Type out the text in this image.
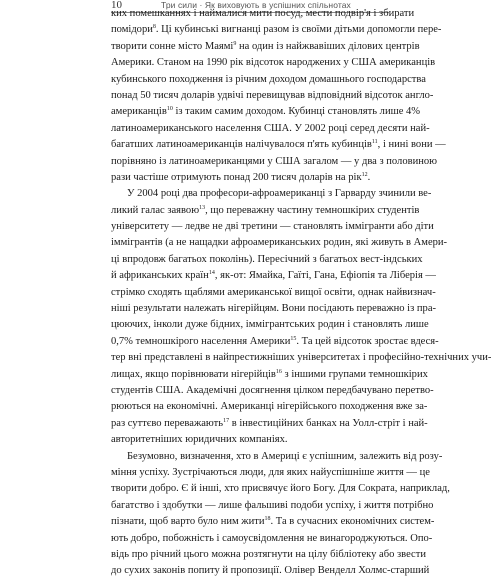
10	Три сили · Як виховують в успішних спільнотах
ких помешканнях і наймалися мити посуд, мести подвір'я і збирати
помідори$^8$. Ці кубинські вигнанці разом із своїми дітьми допомогли пере-
творити сонне місто Маямі$^9$ на один із найжвавіших ділових центрів
Америки. Станом на 1990 рік відсоток народжених у США американців
кубинського походження із річним доходом домашнього господарства
понад 50 тисяч доларів удвічі перевищував відповідний відсоток англо-
американців$^{10}$ із таким самим доходом. Кубинці становлять лише 4%
латиноамериканського населення США. У 2002 році серед десяти най-
багатших латиноамериканців налічувалося п'ять кубинців$^{11}$, і нині вони —
порівняно із латиноамериканцями у США загалом — у два з половиною
рази частіше отримують понад 200 тисяч доларів на рік$^{12}$.
У 2004 році два професори-афроамериканці з Гарварду зчинили ве-
ликий галас заявою$^{13}$, що переважну частину темношкірих студентів
університету — ледве не дві третини — становлять іммігранти або діти
іммігрантів (а не нащадки афроамериканських родин, які живуть в Амери-
ці впродовж багатьох поколінь). Пересічний з багатьох вест-індських
й африканських країн$^{14}$, як-от: Ямайка, Гаїті, Гана, Ефіопія та Ліберія —
стрімко сходять щаблями американської вищої освіти, однак найвизнач-
ніші результати належать нігерійцям. Вони посідають переважно із пра-
цюючих, інколи дуже бідних, іммігрантських родин і становлять лише
0,7% темношкірого населення Америки$^{15}$. Та цей відсоток зростає вдеся-
тер вні представлені в найпрестижніших університетах і професійно-технічних учи-
лищах, якщо порівнювати нігерійців$^{16}$ з іншими групами темношкірих
студентів США. Академічні досягнення цілком передбачувано перетво-
рюються на економічні. Американці нігерійського походження вже за-
раз суттєво переважають$^{17}$ в інвестиційних банках на Уолл-стріт і най-
авторитетніших юридичних компаніях.
Безумовно, визначення, хто в Америці є успішним, залежить від розу-
міння успіху. Зустрічаються люди, для яких найуспішніше життя — це
творити добро. Є й інші, хто присвячує його Богу. Для Сократа, наприклад,
багатство і здобутки — лише фальшиві подоби успіху, і життя потрібно
пізнати, щоб варто було ним жити$^{18}$. Та в сучасних економічних систем-
ють добро, побожність і самоусвідомлення не винагороджуються. Опо-
відь про річний цього можна розтягнути на цілу бібліотеку або звести
до сухих законів попиту й пропозиції. Олівер Венделл Холмс-старший
